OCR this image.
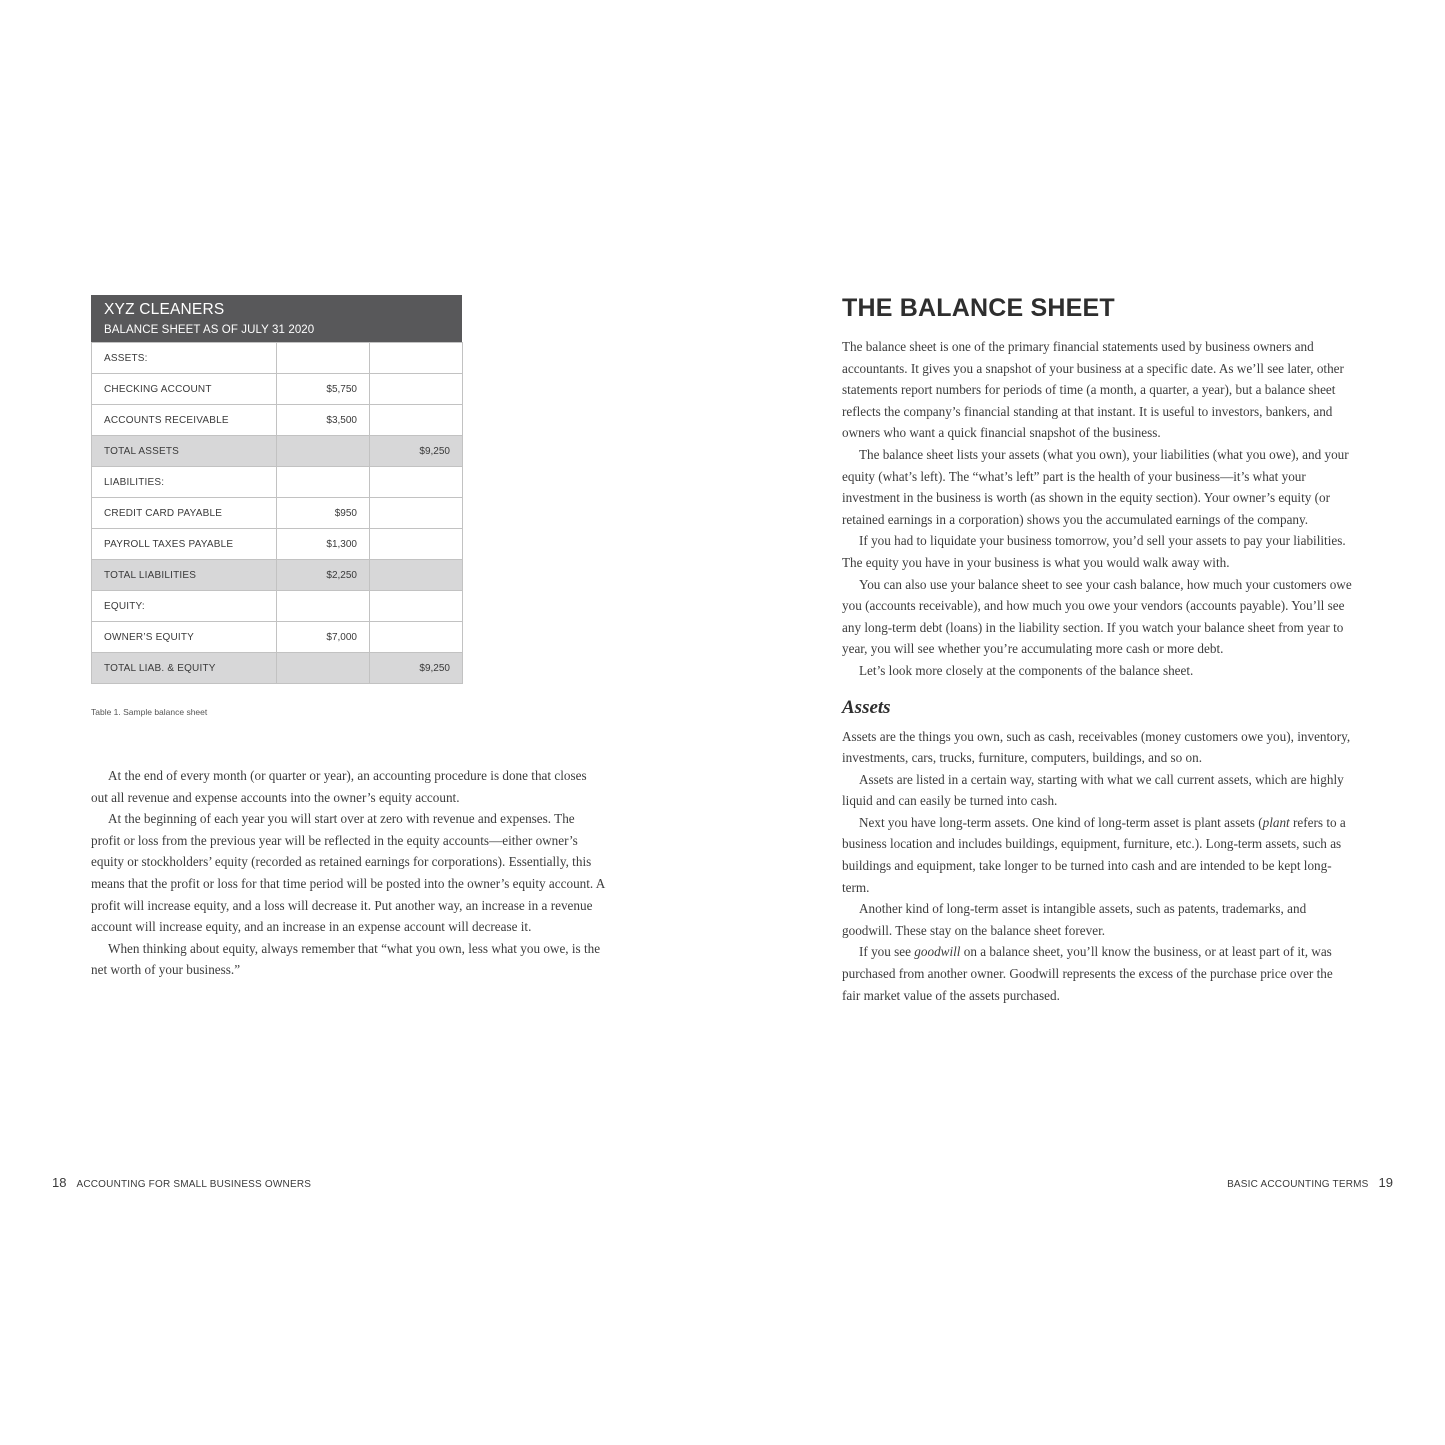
XYZ CLEANERS
BALANCE SHEET AS OF JULY 31 2020
ASSETS:		
CHECKING ACCOUNT	$5,750	
ACCOUNTS RECEIVABLE	$3,500	
TOTAL ASSETS		$9,250
LIABILITIES:		
CREDIT CARD PAYABLE	$950	
PAYROLL TAXES PAYABLE	$1,300	
TOTAL LIABILITIES	$2,250	
EQUITY:		
OWNER’S EQUITY	$7,000	
TOTAL LIAB. & EQUITY		$9,250
Table 1. Sample balance sheet

At the end of every month (or quarter or year), an accounting procedure is done that closes out all revenue and expense accounts into the owner’s equity account.

At the beginning of each year you will start over at zero with revenue and expenses. The profit or loss from the previous year will be reflected in the equity accounts—either owner’s equity or stockholders’ equity (recorded as retained earnings for corporations). Essentially, this means that the profit or loss for that time period will be posted into the owner’s equity account. A profit will increase equity, and a loss will decrease it. Put another way, an increase in a revenue account will increase equity, and an increase in an expense account will decrease it.

When thinking about equity, always remember that “what you own, less what you owe, is the net worth of your business.”

18 ACCOUNTING FOR SMALL BUSINESS OWNERS
THE BALANCE SHEET

The balance sheet is one of the primary financial statements used by business owners and accountants. It gives you a snapshot of your business at a specific date. As we’ll see later, other statements report numbers for periods of time (a month, a quarter, a year), but a balance sheet reflects the company’s financial standing at that instant. It is useful to investors, bankers, and owners who want a quick financial snapshot of the business.

The balance sheet lists your assets (what you own), your liabilities (what you owe), and your equity (what’s left). The “what’s left” part is the health of your business—it’s what your investment in the business is worth (as shown in the equity section). Your owner’s equity (or retained earnings in a corporation) shows you the accumulated earnings of the company.

If you had to liquidate your business tomorrow, you’d sell your assets to pay your liabilities. The equity you have in your business is what you would walk away with.

You can also use your balance sheet to see your cash balance, how much your customers owe you (accounts receivable), and how much you owe your vendors (accounts payable). You’ll see any long-term debt (loans) in the liability section. If you watch your balance sheet from year to year, you will see whether you’re accumulating more cash or more debt.

Let’s look more closely at the components of the balance sheet.

Assets

Assets are the things you own, such as cash, receivables (money customers owe you), inventory, investments, cars, trucks, furniture, computers, buildings, and so on.

Assets are listed in a certain way, starting with what we call current assets, which are highly liquid and can easily be turned into cash.

Next you have long-term assets. One kind of long-term asset is plant assets (plant refers to a business location and includes buildings, equipment, furniture, etc.). Long-term assets, such as buildings and equipment, take longer to be turned into cash and are intended to be kept long-term.

Another kind of long-term asset is intangible assets, such as patents, trademarks, and goodwill. These stay on the balance sheet forever.

If you see goodwill on a balance sheet, you’ll know the business, or at least part of it, was purchased from another owner. Goodwill represents the excess of the purchase price over the fair market value of the assets purchased.

BASIC ACCOUNTING TERMS 19
